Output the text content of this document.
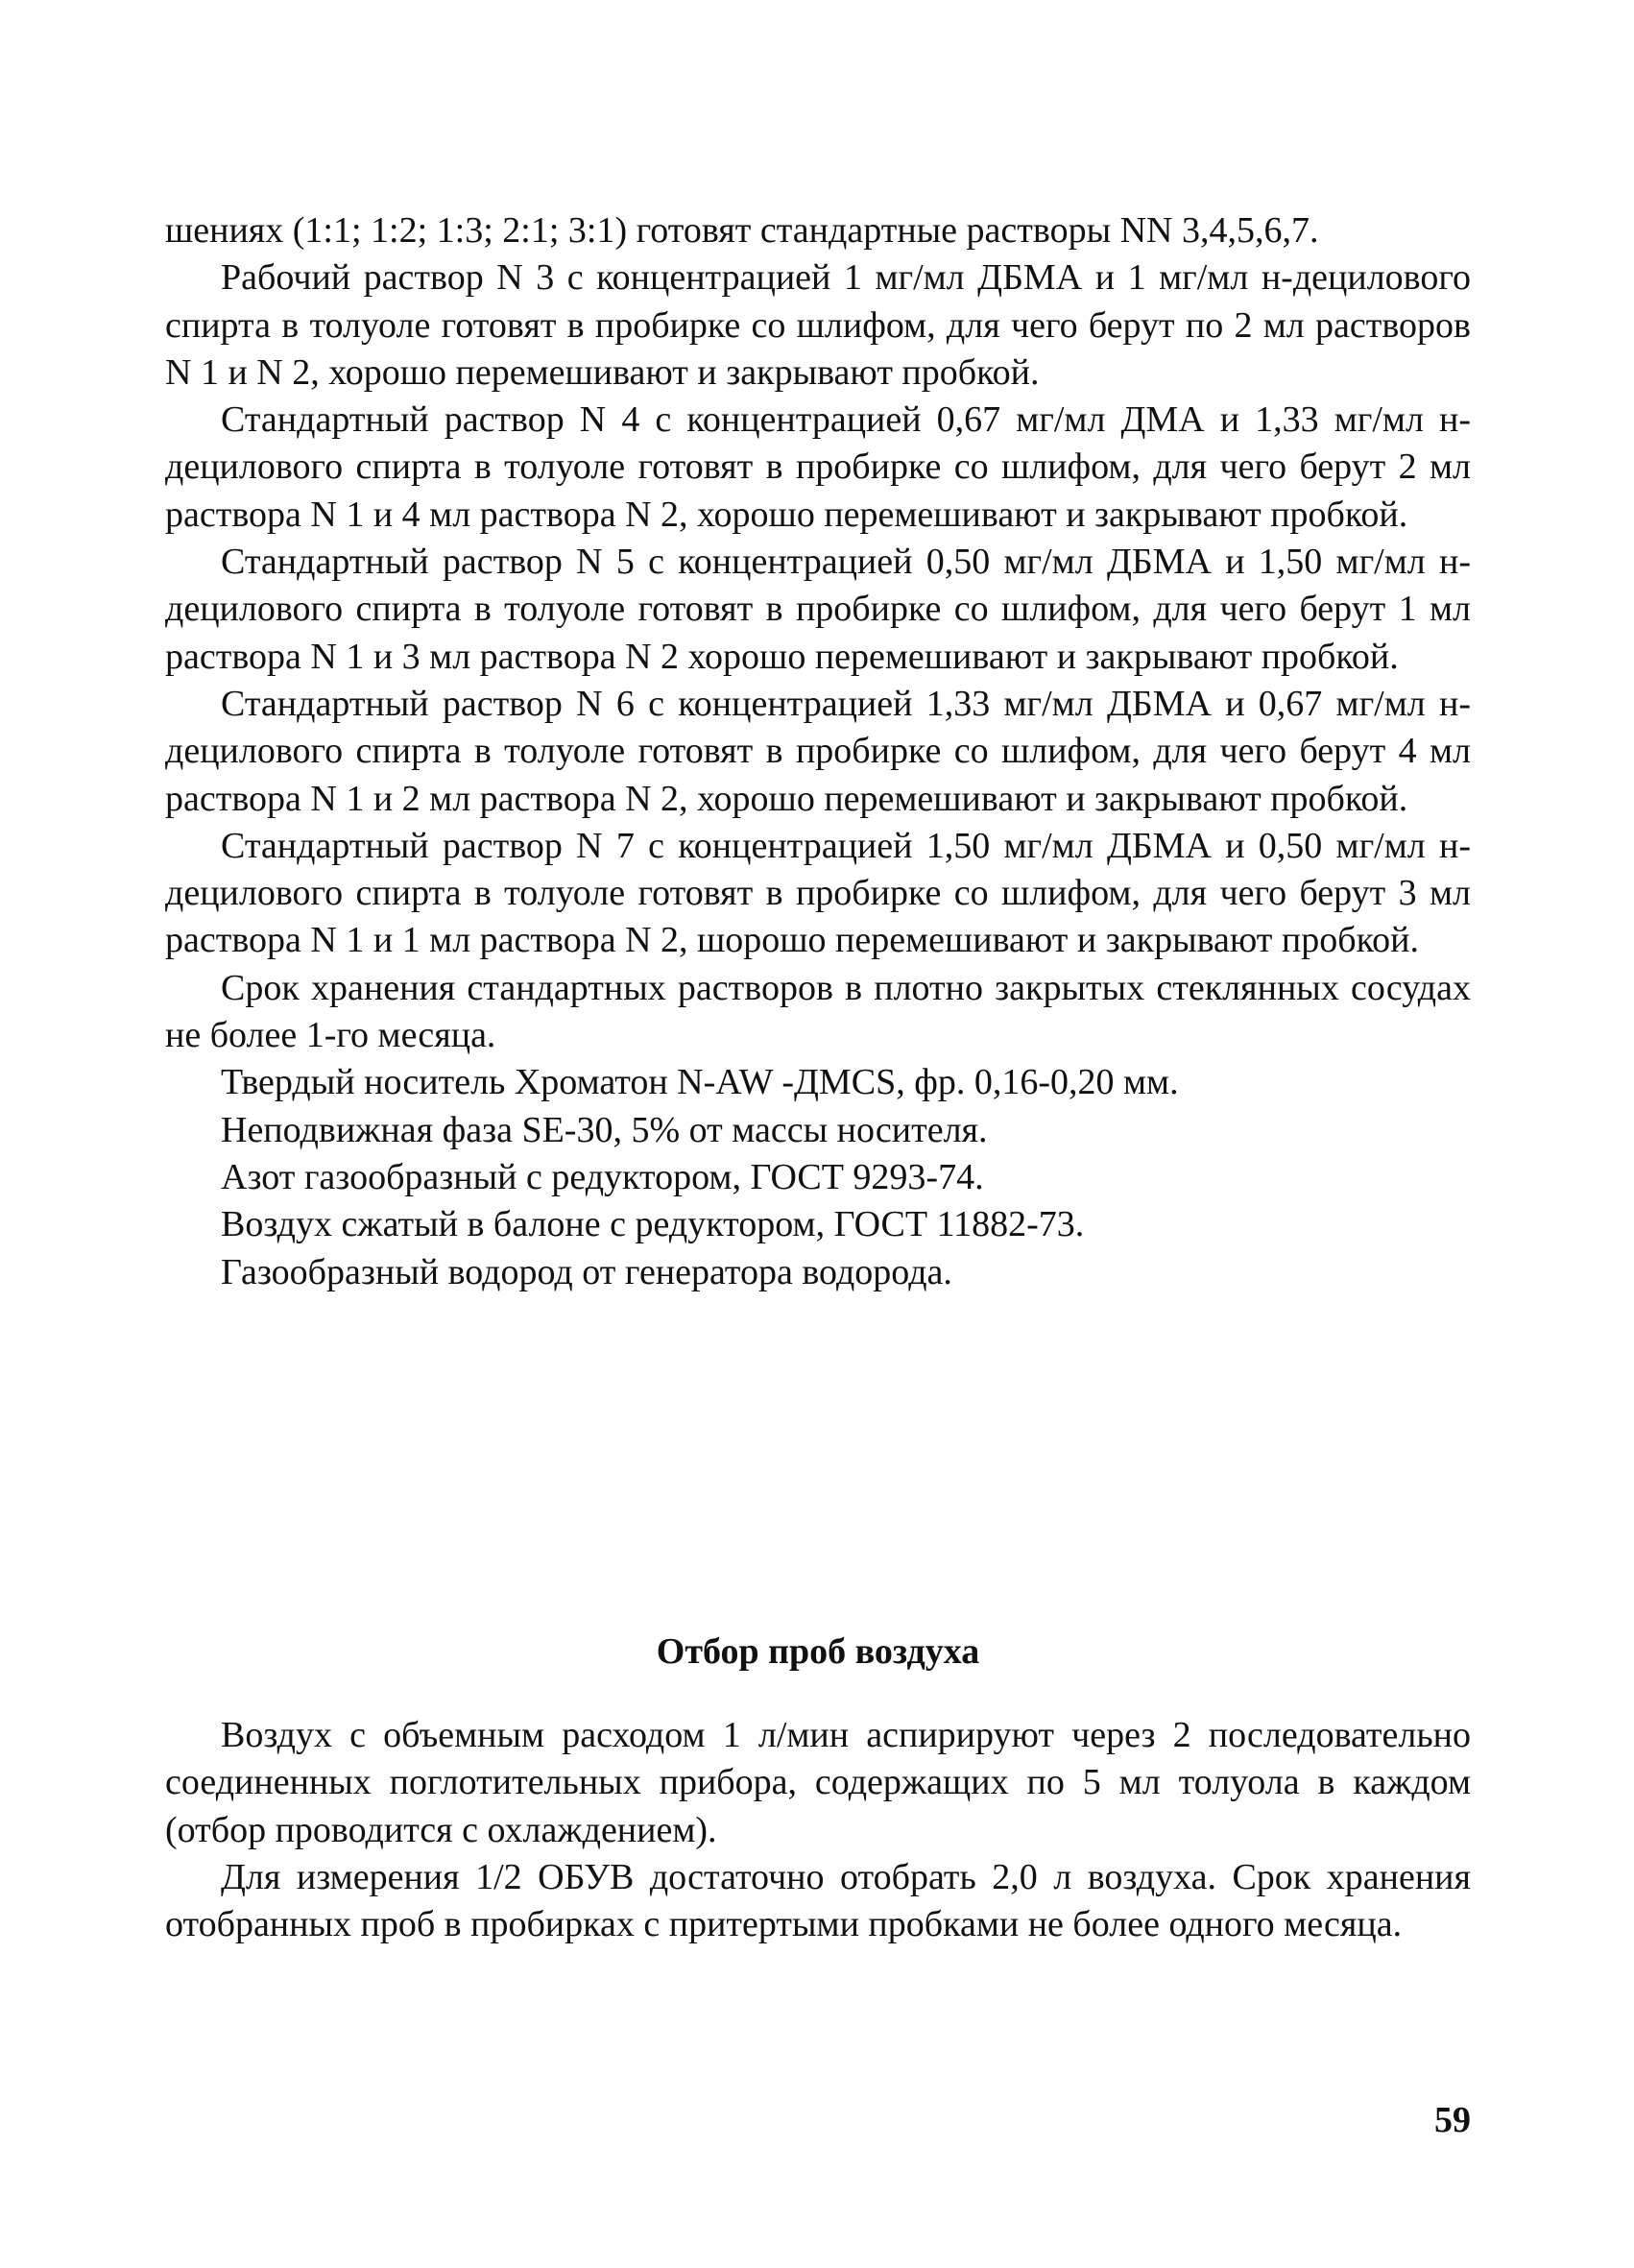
шениях (1:1; 1:2; 1:3; 2:1; 3:1) готовят стандартные растворы NN 3,4,5,6,7.

Рабочий раствор N 3 с концентрацией 1 мг/мл ДБМА и 1 мг/мл н-децилового спирта в толуоле готовят в пробирке со шлифом, для чего берут по 2 мл растворов N 1 и N 2, хорошо перемешивают и закрывают пробкой.

Стандартный раствор N 4 с концентрацией 0,67 мг/мл ДМА и 1,33 мг/мл н-децилового спирта в толуоле готовят в пробирке со шлифом, для чего берут 2 мл раствора N 1 и 4 мл раствора N 2, хорошо перемешивают и закрывают пробкой.

Стандартный раствор N 5 с концентрацией 0,50 мг/мл ДБМА и 1,50 мг/мл н-децилового спирта в толуоле готовят в пробирке со шлифом, для чего берут 1 мл раствора N 1 и 3 мл раствора N 2 хорошо перемешивают и закрывают пробкой.

Стандартный раствор N 6 с концентрацией 1,33 мг/мл ДБМА и 0,67 мг/мл н-децилового спирта в толуоле готовят в пробирке со шлифом, для чего берут 4 мл раствора N 1 и 2 мл раствора N 2, хорошо перемешивают и закрывают пробкой.

Стандартный раствор N 7 с концентрацией 1,50 мг/мл ДБМА и 0,50 мг/мл н-децилового спирта в толуоле готовят в пробирке со шлифом, для чего берут 3 мл раствора N 1 и 1 мл раствора N 2, шорошо перемешивают и закрывают пробкой.

Срок хранения стандартных растворов в плотно закрытых стеклянных сосудах не более 1-го месяца.

Твердый носитель Хроматон N-AW -ДМCS, фр. 0,16-0,20 мм.

Неподвижная фаза SE-30, 5% от массы носителя.

Азот газообразный с редуктором, ГОСТ 9293-74.

Воздух сжатый в балоне с редуктором, ГОСТ 11882-73.

Газообразный водород от генератора водорода.

Отбор проб воздуха

Воздух с объемным расходом 1 л/мин аспирируют через 2 последовательно соединенных поглотительных прибора, содержащих по 5 мл толуола в каждом (отбор проводится с охлаждением).

Для измерения 1/2 ОБУВ достаточно отобрать 2,0 л воздуха. Срок хранения отобранных проб в пробирках с притертыми пробками не более одного месяца.

59
